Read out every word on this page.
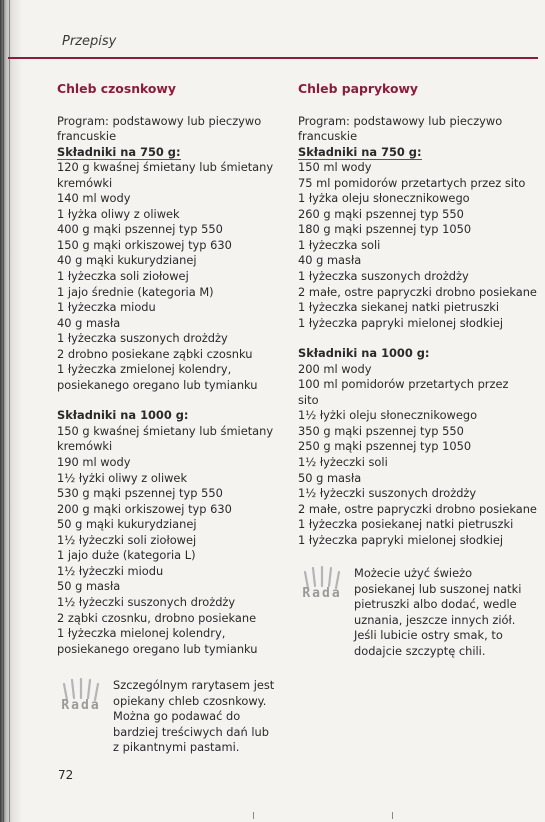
Przepisy
Chleb czosnkowy
Program: podstawowy lub pieczywo
francuskie
Składniki na 750 g:
120 g kwaśnej śmietany lub śmietany
kremówki
140 ml wody
1 łyżka oliwy z oliwek
400 g mąki pszennej typ 550
150 g mąki orkiszowej typ 630
40 g mąki kukurydzianej
1 łyżeczka soli ziołowej
1 jajo średnie (kategoria M)
1 łyżeczka miodu
40 g masła
1 łyżeczka suszonych drożdży
2 drobno posiekane ząbki czosnku
1 łyżeczka zmielonej kolendry,
posiekanego oregano lub tymianku
Składniki na 1000 g:
150 g kwaśnej śmietany lub śmietany
kremówki
190 ml wody
1½ łyżki oliwy z oliwek
530 g mąki pszennej typ 550
200 g mąki orkiszowej typ 630
50 g mąki kukurydzianej
1½ łyżeczki soli ziołowej
1 jajo duże (kategoria L)
1½ łyżeczki miodu
50 g masła
1½ łyżeczki suszonych drożdży
2 ząbki czosnku, drobno posiekane
1 łyżeczka mielonej kolendry,
posiekanego oregano lub tymianku
Chleb paprykowy
Program: podstawowy lub pieczywo
francuskie
Składniki na 750 g:
150 ml wody
75 ml pomidorów przetartych przez sito
1 łyżka oleju słonecznikowego
260 g mąki pszennej typ 550
180 g mąki pszennej typ 1050
1 łyżeczka soli
40 g masła
1 łyżeczka suszonych drożdży
2 małe, ostre papryczki drobno posiekane
1 łyżeczka siekanej natki pietruszki
1 łyżeczka papryki mielonej słodkiej
Składniki na 1000 g:
200 ml wody
100 ml pomidorów przetartych przez
sito
1½ łyżki oleju słonecznikowego
350 g mąki pszennej typ 550
250 g mąki pszennej typ 1050
1½ łyżeczki soli
50 g masła
1½ łyżeczki suszonych drożdży
2 małe, ostre papryczki drobno posiekane
1 łyżeczka posiekanej natki pietruszki
1 łyżeczka papryki mielonej słodkiej
Rada
Szczególnym rarytasem jest
opiekany chleb czosnkowy.
Można go podawać do
bardziej treściwych dań lub
z pikantnymi pastami.
Rada
Możecie użyć świeżo
posiekanej lub suszonej natki
pietruszki albo dodać, wedle
uznania, jeszcze innych ziół.
Jeśli lubicie ostry smak, to
dodajcie szczyptę chili.
72
